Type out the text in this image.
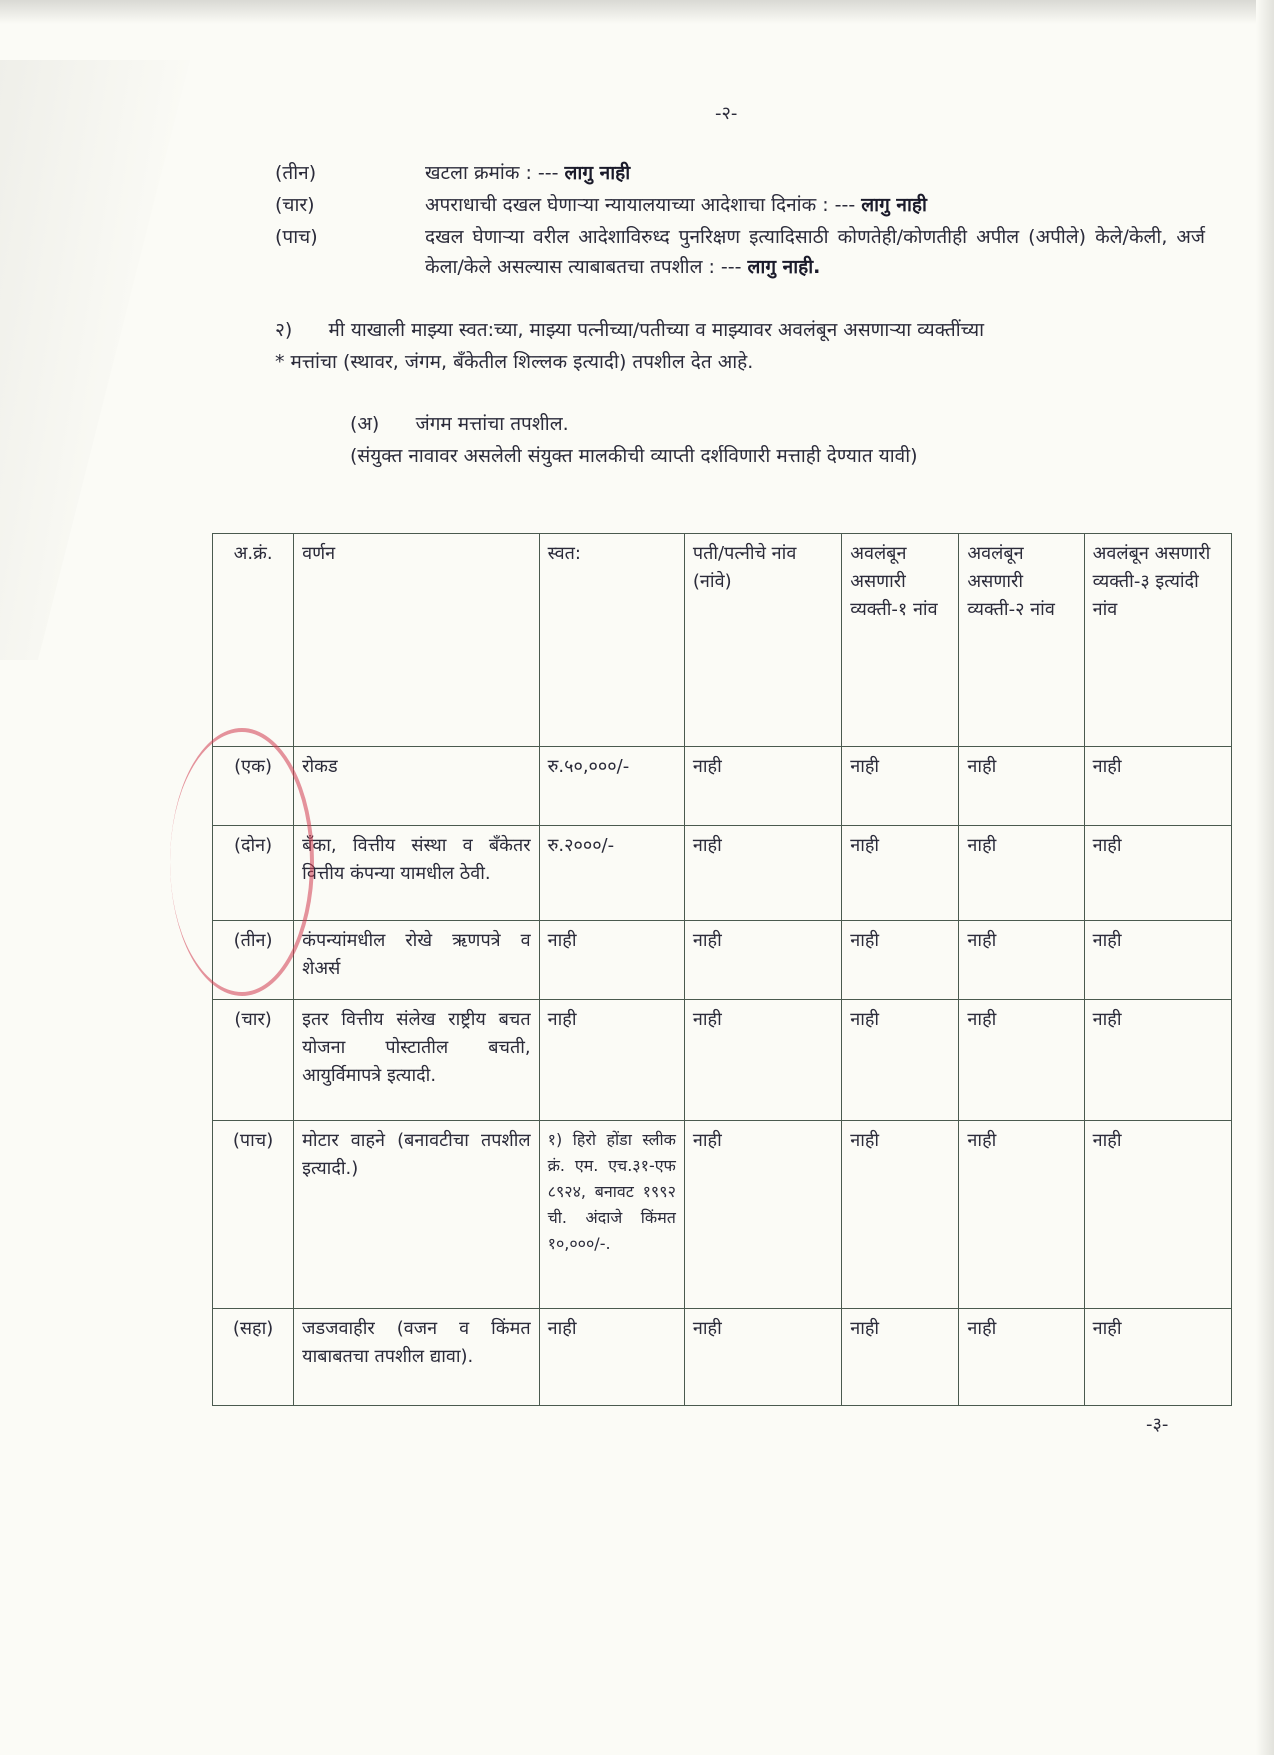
-२-
(तीन)	खटला क्रमांक : --- लागु नाही
(चार)	अपराधाची दखल घेणाऱ्या न्यायालयाच्या आदेशाचा दिनांक : --- लागु नाही
(पाच)	दखल घेणाऱ्या वरील आदेशाविरुध्द पुनरिक्षण इत्यादिसाठी कोणतेही/कोणतीही अपील (अपीले) केले/केली, अर्ज केला/केले असल्यास त्याबाबतचा तपशील : --- लागु नाही.
२) मी याखाली माझ्या स्वत:च्या, माझ्या पत्नीच्या/पतीच्या व माझ्यावर अवलंबून असणाऱ्या व्यक्तींच्या
* मत्तांचा (स्थावर, जंगम, बँकेतील शिल्लक इत्यादी) तपशील देत आहे.
(अ) जंगम मत्तांचा तपशील.
(संयुक्त नावावर असलेली संयुक्त मालकीची व्याप्ती दर्शविणारी मत्ताही देण्यात यावी)
अ.क्रं.	वर्णन	स्वत:	पती/पत्नीचे नांव (नांवे)	अवलंबून असणारी व्यक्ती-१ नांव	अवलंबून असणारी व्यक्ती-२ नांव	अवलंबून असणारी व्यक्ती-३ इत्यांदी नांव
(एक)	रोकड	रु.५०,०००/-	नाही	नाही	नाही	नाही
(दोन)	बँका, वित्तीय संस्था व बँकेतर वित्तीय कंपन्या यामधील ठेवी.	रु.२०००/-	नाही	नाही	नाही	नाही
(तीन)	कंपन्यांमधील रोखे ऋणपत्रे व शेअर्स	नाही	नाही	नाही	नाही	नाही
(चार)	इतर वित्तीय संलेख राष्ट्रीय बचत योजना पोस्टातील बचती, आयुर्विमापत्रे इत्यादी.	नाही	नाही	नाही	नाही	नाही
(पाच)	मोटार वाहने (बनावटीचा तपशील इत्यादी.)	१) हिरो होंडा स्लीक क्रं. एम. एच.३१-एफ ८९२४, बनावट १९९२ ची. अंदाजे किंमत १०,०००/-.	नाही	नाही	नाही	नाही
(सहा)	जडजवाहीर (वजन व किंमत याबाबतचा तपशील द्यावा).	नाही	नाही	नाही	नाही	नाही
-३-
